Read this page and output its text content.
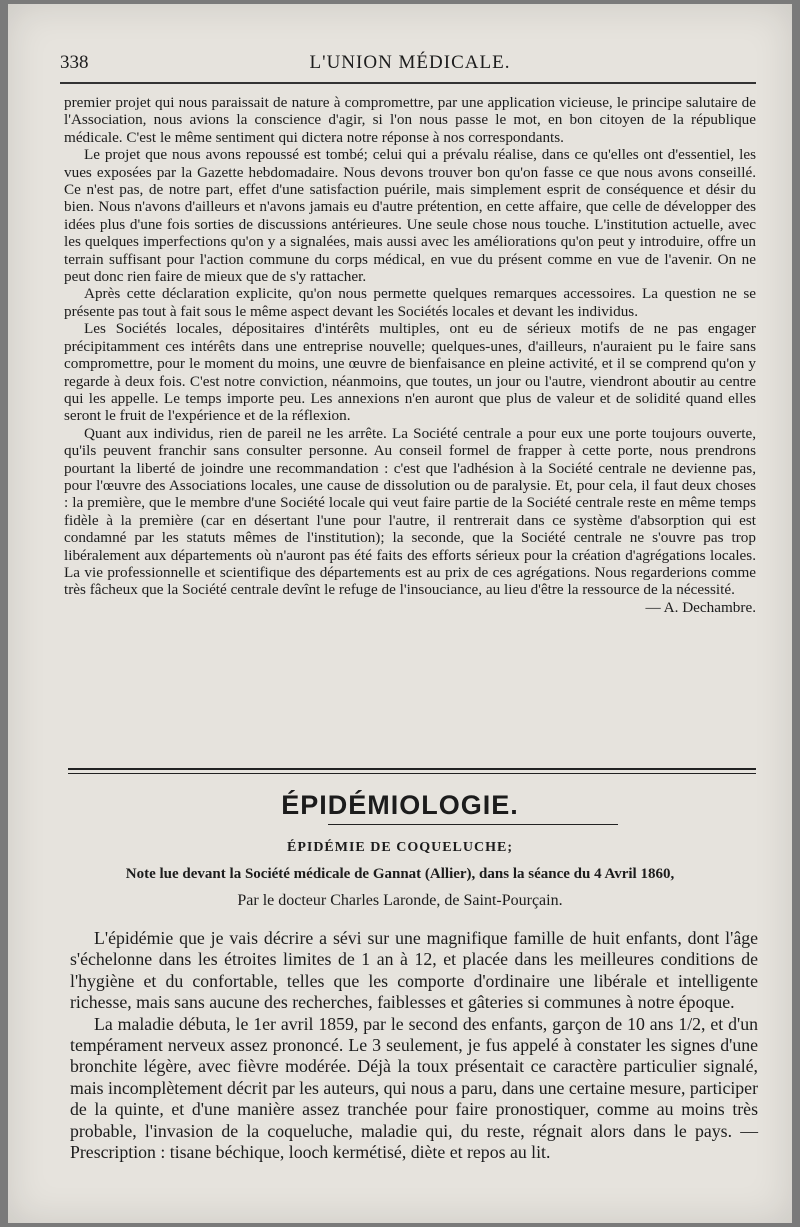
338	L'UNION MÉDICALE.

premier projet qui nous paraissait de nature à compromettre, par une application vicieuse, le principe salutaire de l'Association, nous avions la conscience d'agir, si l'on nous passe le mot, en bon citoyen de la république médicale. C'est le même sentiment qui dictera notre réponse à nos correspondants.

Le projet que nous avons repoussé est tombé; celui qui a prévalu réalise, dans ce qu'elles ont d'essentiel, les vues exposées par la Gazette hebdomadaire. Nous devons trouver bon qu'on fasse ce que nous avons conseillé. Ce n'est pas, de notre part, effet d'une satisfaction puérile, mais simplement esprit de conséquence et désir du bien. Nous n'avons d'ailleurs et n'avons jamais eu d'autre prétention, en cette affaire, que celle de développer des idées plus d'une fois sorties de discussions antérieures. Une seule chose nous touche. L'institution actuelle, avec les quelques imperfections qu'on y a signalées, mais aussi avec les améliorations qu'on peut y introduire, offre un terrain suffisant pour l'action commune du corps médical, en vue du présent comme en vue de l'avenir. On ne peut donc rien faire de mieux que de s'y rattacher.

Après cette déclaration explicite, qu'on nous permette quelques remarques accessoires. La question ne se présente pas tout à fait sous le même aspect devant les Sociétés locales et devant les individus.

Les Sociétés locales, dépositaires d'intérêts multiples, ont eu de sérieux motifs de ne pas engager précipitamment ces intérêts dans une entreprise nouvelle; quelques-unes, d'ailleurs, n'auraient pu le faire sans compromettre, pour le moment du moins, une œuvre de bienfaisance en pleine activité, et il se comprend qu'on y regarde à deux fois. C'est notre conviction, néanmoins, que toutes, un jour ou l'autre, viendront aboutir au centre qui les appelle. Le temps importe peu. Les annexions n'en auront que plus de valeur et de solidité quand elles seront le fruit de l'expérience et de la réflexion.

Quant aux individus, rien de pareil ne les arrête. La Société centrale a pour eux une porte toujours ouverte, qu'ils peuvent franchir sans consulter personne. Au conseil formel de frapper à cette porte, nous prendrons pourtant la liberté de joindre une recommandation : c'est que l'adhésion à la Société centrale ne devienne pas, pour l'œuvre des Associations locales, une cause de dissolution ou de paralysie. Et, pour cela, il faut deux choses : la première, que le membre d'une Société locale qui veut faire partie de la Société centrale reste en même temps fidèle à la première (car en désertant l'une pour l'autre, il rentrerait dans ce système d'absorption qui est condamné par les statuts mêmes de l'institution); la seconde, que la Société centrale ne s'ouvre pas trop libéralement aux départements où n'auront pas été faits des efforts sérieux pour la création d'agrégations locales. La vie professionnelle et scientifique des départements est au prix de ces agrégations. Nous regarderions comme très fâcheux que la Société centrale devînt le refuge de l'insouciance, au lieu d'être la ressource de la nécessité.

— A. Dechambre.

ÉPIDÉMIOLOGIE.
ÉPIDÉMIE DE COQUELUCHE;
Note lue devant la Société médicale de Gannat (Allier), dans la séance du 4 Avril 1860,
Par le docteur Charles Laronde, de Saint-Pourçain.

L'épidémie que je vais décrire a sévi sur une magnifique famille de huit enfants, dont l'âge s'échelonne dans les étroites limites de 1 an à 12, et placée dans les meilleures conditions de l'hygiène et du confortable, telles que les comporte d'ordinaire une libérale et intelligente richesse, mais sans aucune des recherches, faiblesses et gâteries si communes à notre époque.

La maladie débuta, le 1er avril 1859, par le second des enfants, garçon de 10 ans 1/2, et d'un tempérament nerveux assez prononcé. Le 3 seulement, je fus appelé à constater les signes d'une bronchite légère, avec fièvre modérée. Déjà la toux présentait ce caractère particulier signalé, mais incomplètement décrit par les auteurs, qui nous a paru, dans une certaine mesure, participer de la quinte, et d'une manière assez tranchée pour faire pronostiquer, comme au moins très probable, l'invasion de la coqueluche, maladie qui, du reste, régnait alors dans le pays. — Prescription : tisane béchique, looch kermétisé, diète et repos au lit.
